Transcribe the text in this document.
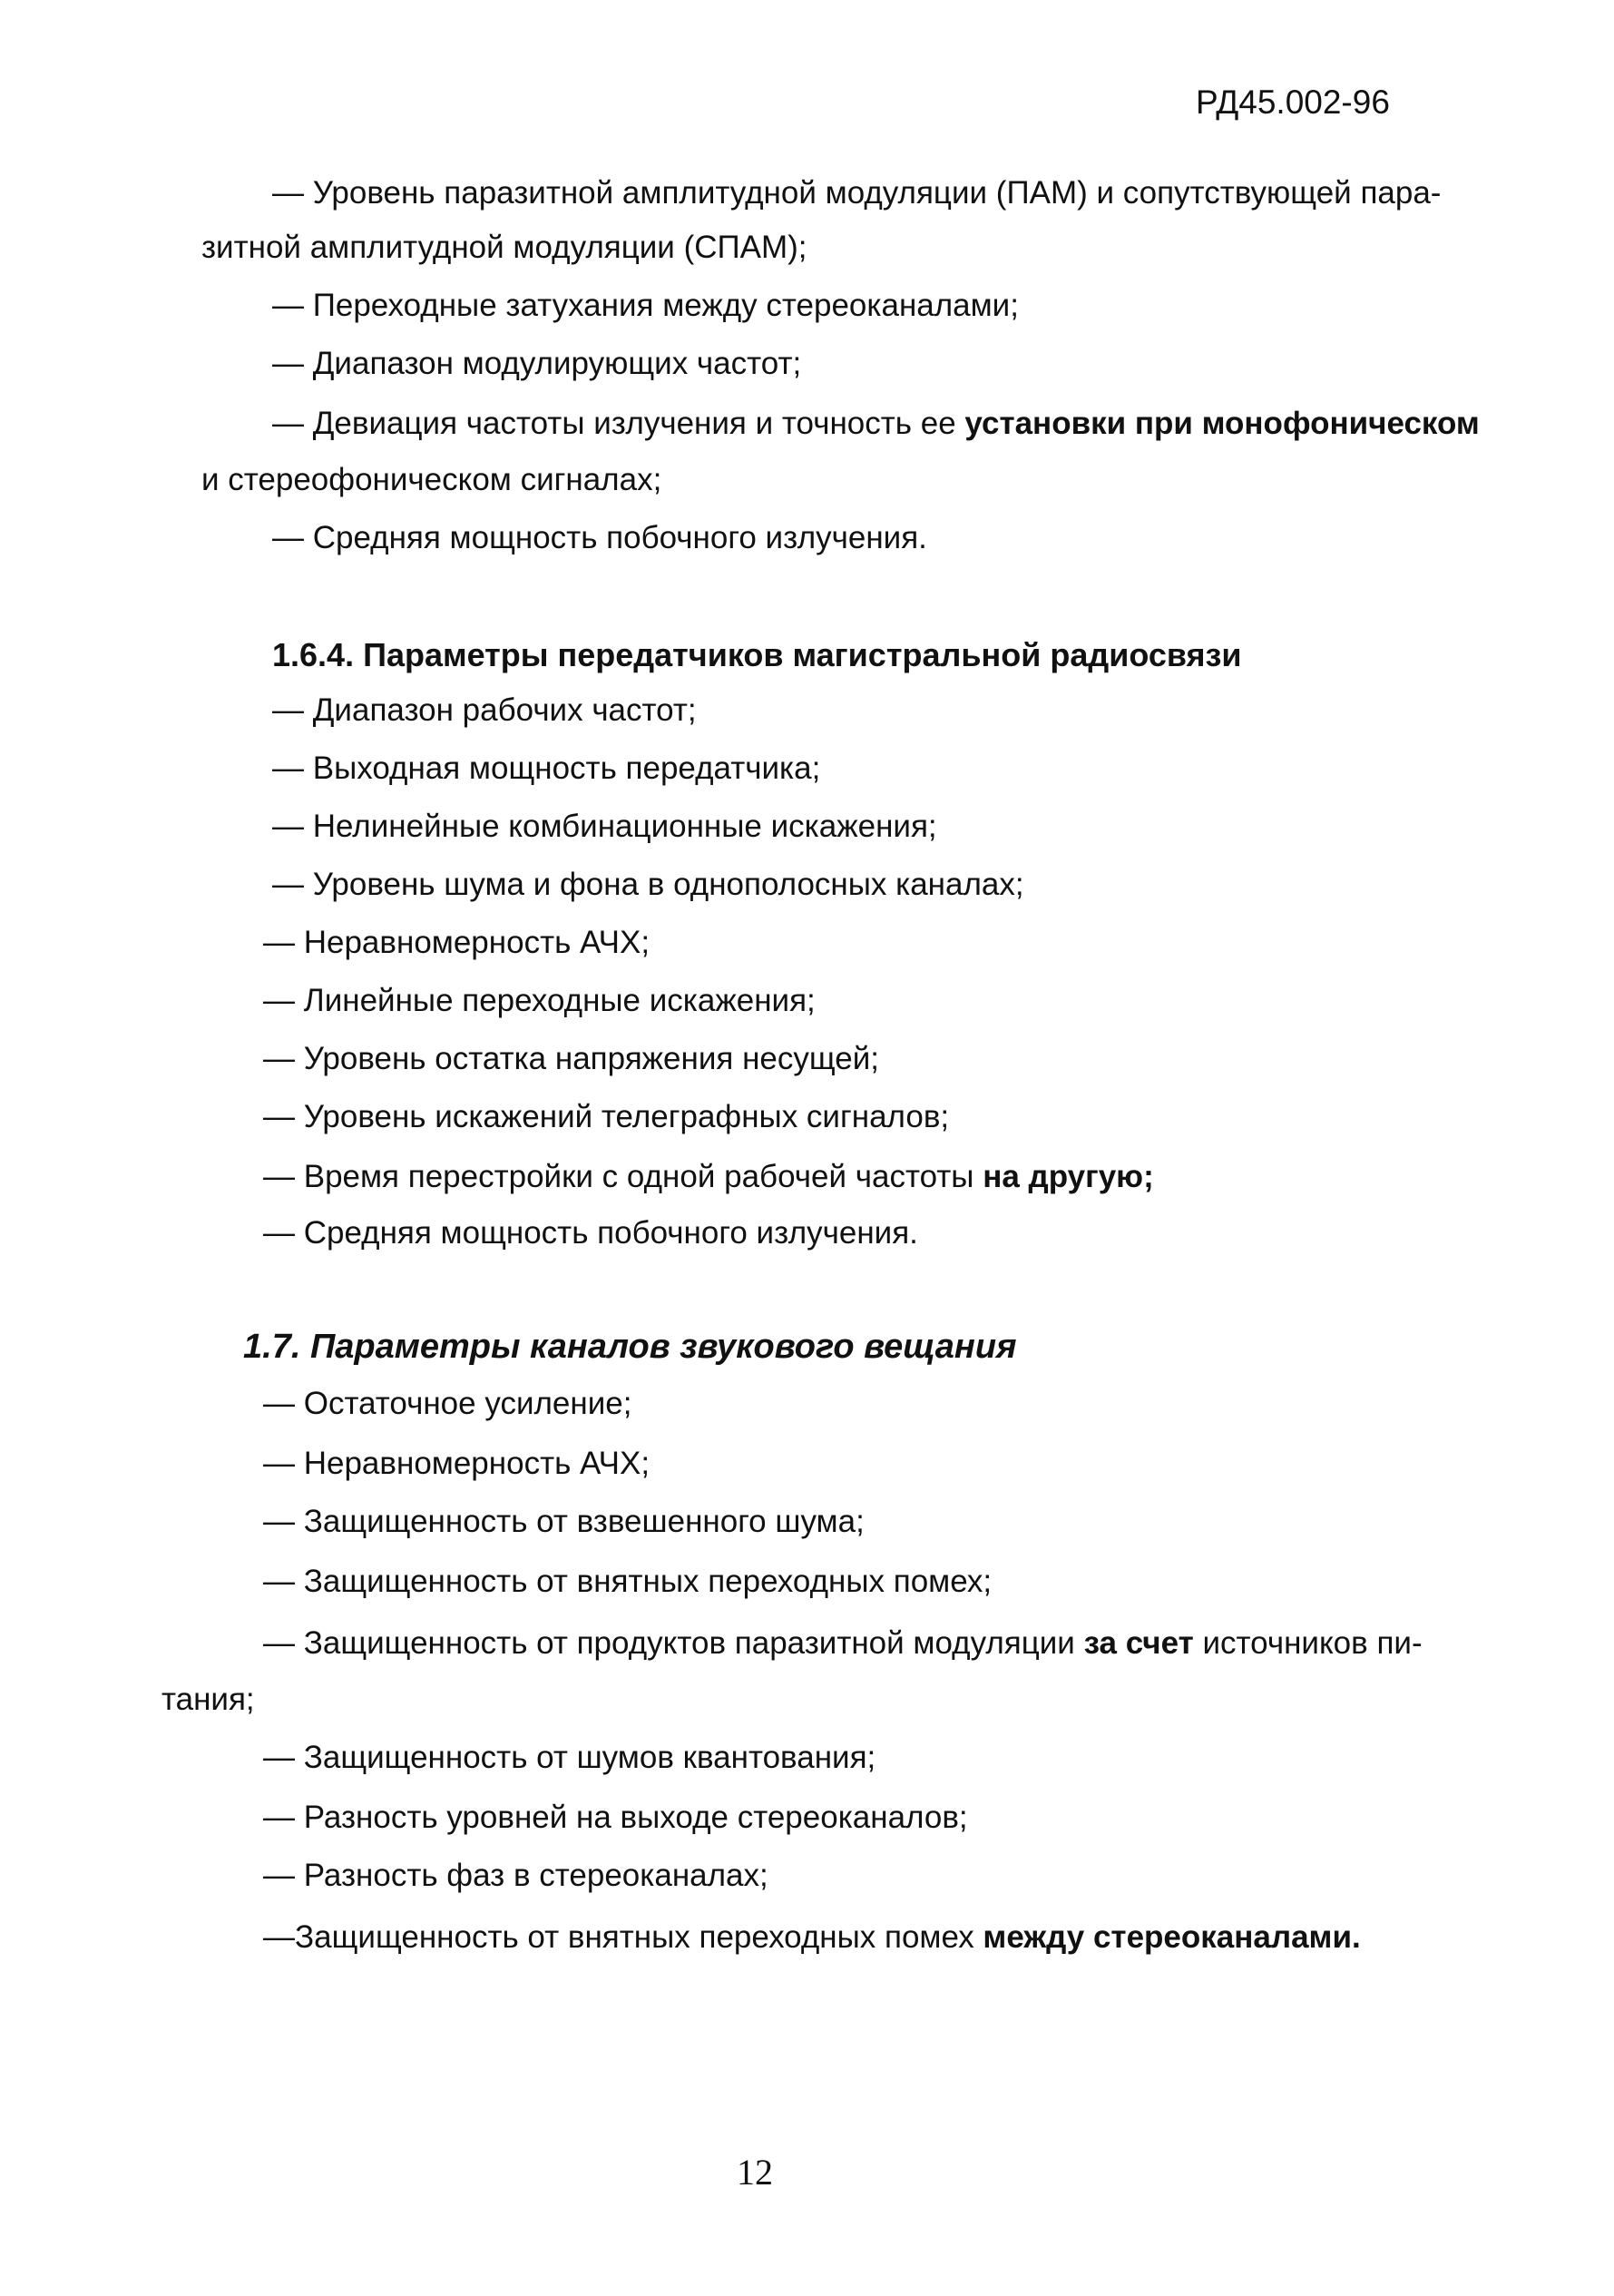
РД45.002-96
— Уровень паразитной амплитудной модуляции (ПАМ) и сопутствующей пара-
зитной амплитудной модуляции (СПАМ);
— Переходные затухания между стереоканалами;
— Диапазон модулирующих частот;
— Девиация частоты излучения и точность ее установки при монофоническом
и стереофоническом сигналах;
— Средняя мощность побочного излучения.
1.6.4. Параметры передатчиков магистральной радиосвязи
— Диапазон рабочих частот;
— Выходная мощность передатчика;
— Нелинейные комбинационные искажения;
— Уровень шума и фона в однополосных каналах;
— Неравномерность АЧХ;
— Линейные переходные искажения;
— Уровень остатка напряжения несущей;
— Уровень искажений телеграфных сигналов;
— Время перестройки с одной рабочей частоты на другую;
— Средняя мощность побочного излучения.
1.7. Параметры каналов звукового вещания
— Остаточное усиление;
— Неравномерность АЧХ;
— Защищенность от взвешенного шума;
— Защищенность от внятных переходных помех;
— Защищенность от продуктов паразитной модуляции за счет источников пи-
тания;
— Защищенность от шумов квантования;
— Разность уровней на выходе стереоканалов;
— Разность фаз в стереоканалах;
—Защищенность от внятных переходных помех между стереоканалами.
12
